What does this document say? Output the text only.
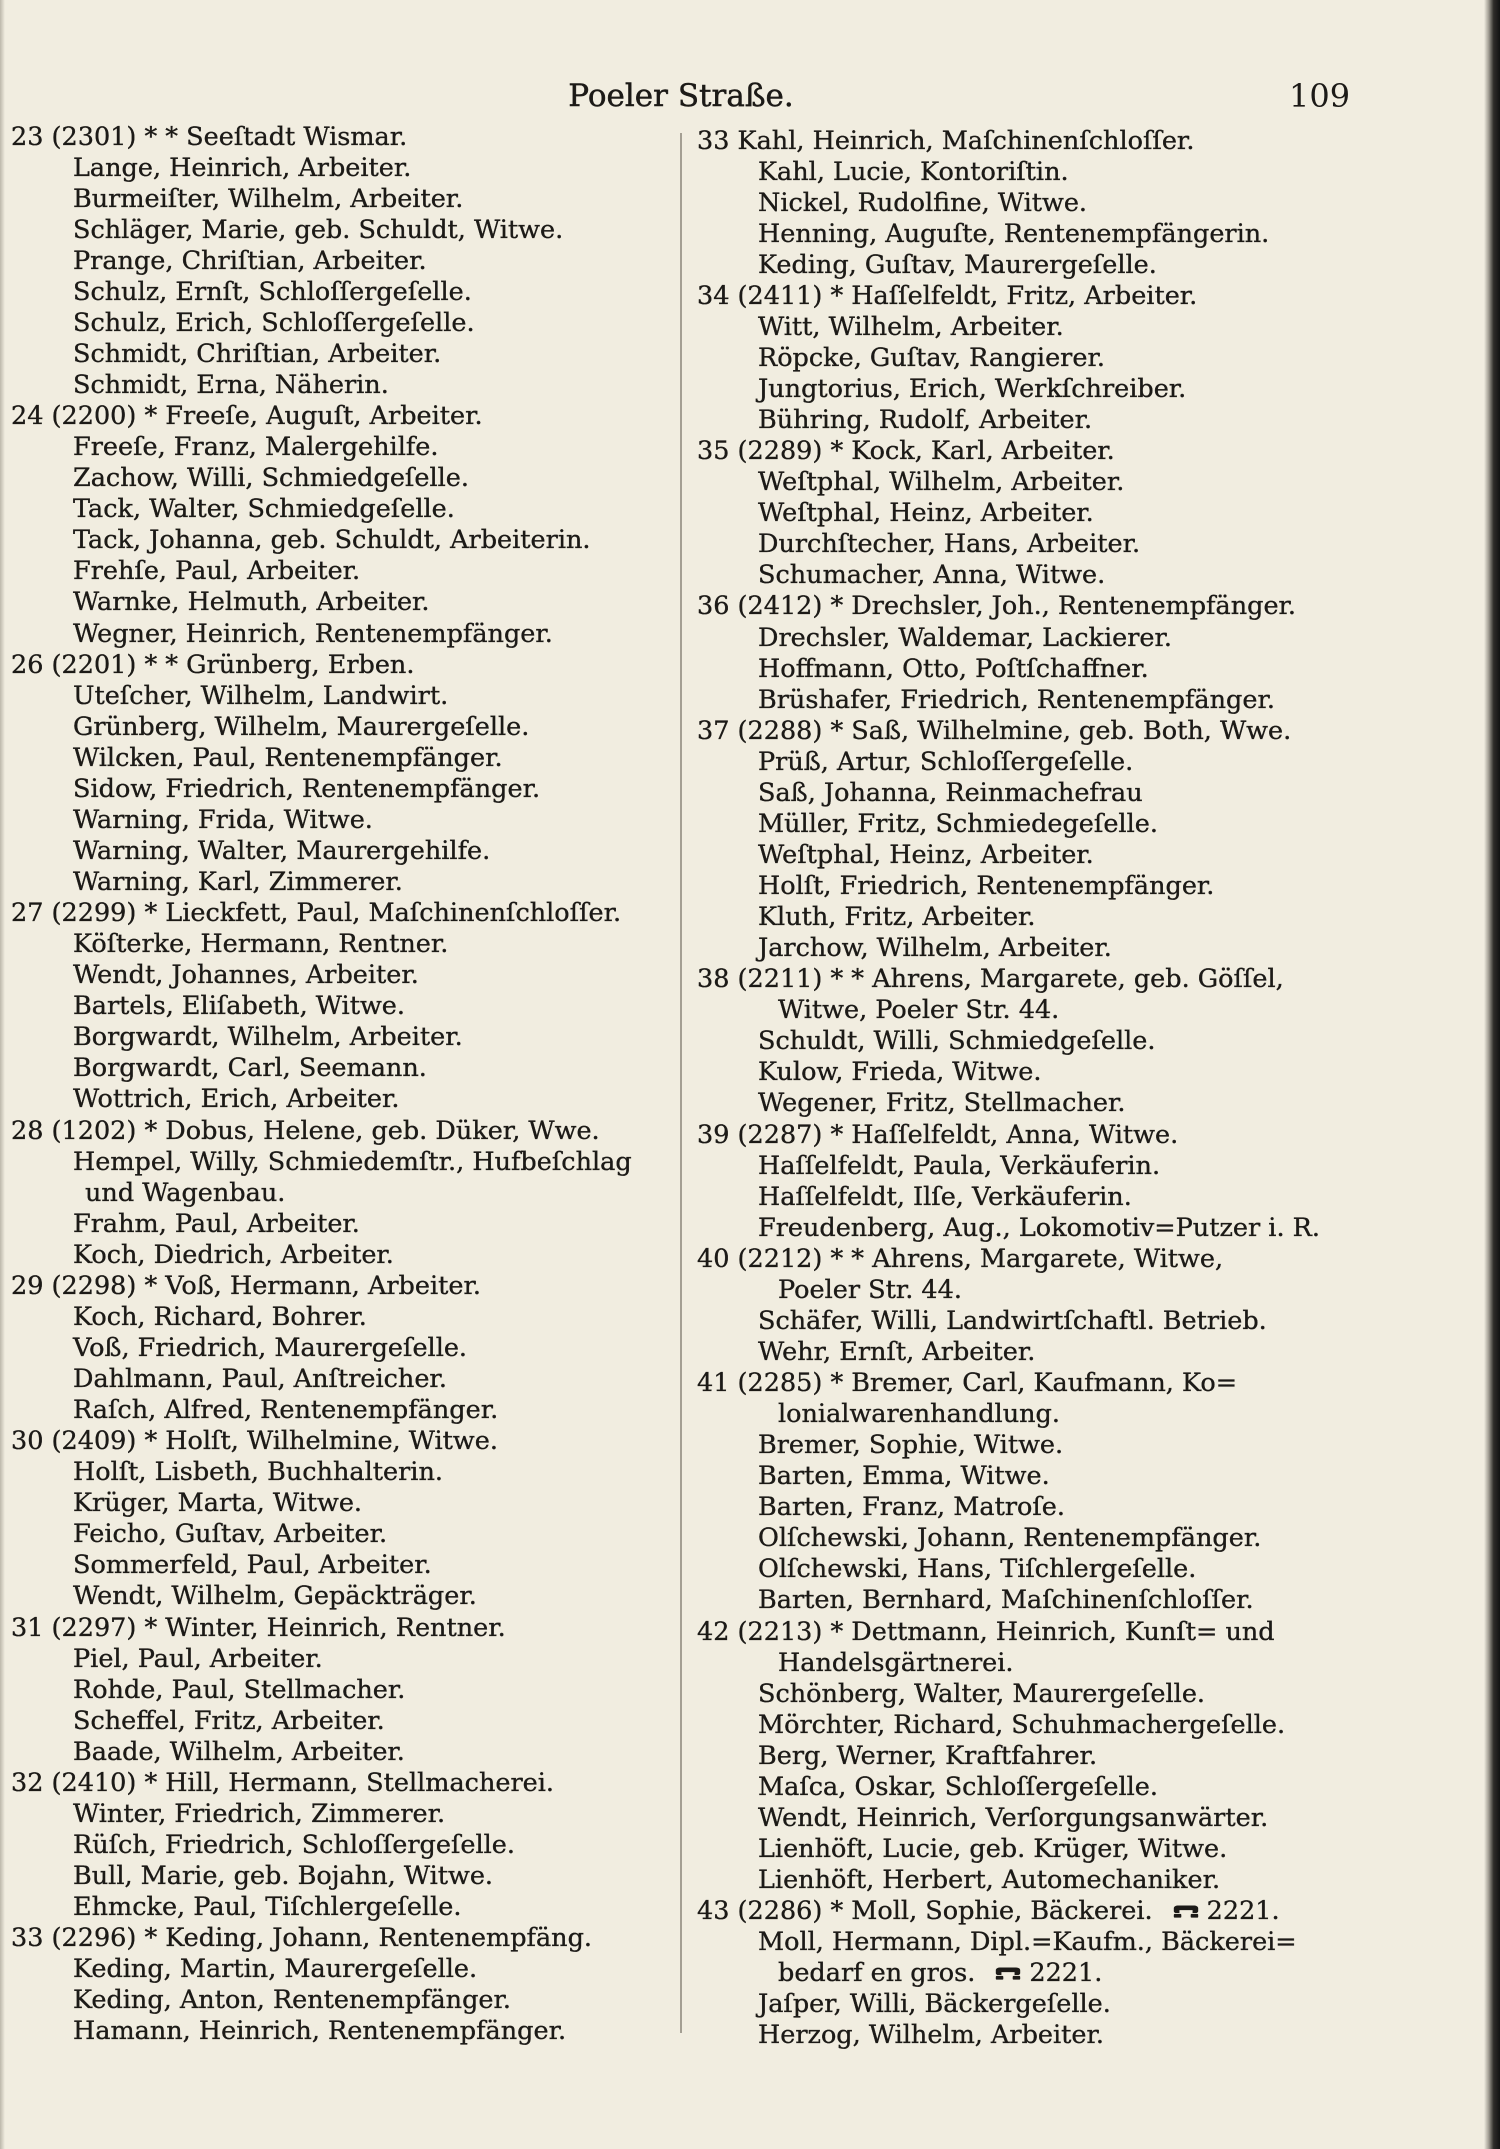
Poeler Straße.	109
23 (2301) * * Seeſtadt Wismar.
Lange, Heinrich, Arbeiter.
Burmeiſter, Wilhelm, Arbeiter.
Schläger, Marie, geb. Schuldt, Witwe.
Prange, Chriſtian, Arbeiter.
Schulz, Ernſt, Schloſſergeſelle.
Schulz, Erich, Schloſſergeſelle.
Schmidt, Chriſtian, Arbeiter.
Schmidt, Erna, Näherin.
24 (2200) * Freeſe, Auguſt, Arbeiter.
Freeſe, Franz, Malergehilfe.
Zachow, Willi, Schmiedgeſelle.
Tack, Walter, Schmiedgeſelle.
Tack, Johanna, geb. Schuldt, Arbeiterin.
Frehſe, Paul, Arbeiter.
Warnke, Helmuth, Arbeiter.
Wegner, Heinrich, Rentenempfänger.
26 (2201) * * Grünberg, Erben.
Uteſcher, Wilhelm, Landwirt.
Grünberg, Wilhelm, Maurergeſelle.
Wilcken, Paul, Rentenempfänger.
Sidow, Friedrich, Rentenempfänger.
Warning, Frida, Witwe.
Warning, Walter, Maurergehilfe.
Warning, Karl, Zimmerer.
27 (2299) * Lieckfett, Paul, Maſchinenſchloſſer.
Köſterke, Hermann, Rentner.
Wendt, Johannes, Arbeiter.
Bartels, Eliſabeth, Witwe.
Borgwardt, Wilhelm, Arbeiter.
Borgwardt, Carl, Seemann.
Wottrich, Erich, Arbeiter.
28 (1202) * Dobus, Helene, geb. Düker, Wwe.
Hempel, Willy, Schmiedemſtr., Hufbeſchlag
und Wagenbau.
Frahm, Paul, Arbeiter.
Koch, Diedrich, Arbeiter.
29 (2298) * Voß, Hermann, Arbeiter.
Koch, Richard, Bohrer.
Voß, Friedrich, Maurergeſelle.
Dahlmann, Paul, Anſtreicher.
Raſch, Alfred, Rentenempfänger.
30 (2409) * Holſt, Wilhelmine, Witwe.
Holſt, Lisbeth, Buchhalterin.
Krüger, Marta, Witwe.
Feicho, Guſtav, Arbeiter.
Sommerfeld, Paul, Arbeiter.
Wendt, Wilhelm, Gepäckträger.
31 (2297) * Winter, Heinrich, Rentner.
Piel, Paul, Arbeiter.
Rohde, Paul, Stellmacher.
Scheffel, Fritz, Arbeiter.
Baade, Wilhelm, Arbeiter.
32 (2410) * Hill, Hermann, Stellmacherei.
Winter, Friedrich, Zimmerer.
Rüſch, Friedrich, Schloſſergeſelle.
Bull, Marie, geb. Bojahn, Witwe.
Ehmcke, Paul, Tiſchlergeſelle.
33 (2296) * Keding, Johann, Rentenempfäng.
Keding, Martin, Maurergeſelle.
Keding, Anton, Rentenempfänger.
Hamann, Heinrich, Rentenempfänger.
33 Kahl, Heinrich, Maſchinenſchloſſer.
Kahl, Lucie, Kontoriſtin.
Nickel, Rudolfine, Witwe.
Henning, Auguſte, Rentenempfängerin.
Keding, Guſtav, Maurergeſelle.
34 (2411) * Haſſelfeldt, Fritz, Arbeiter.
Witt, Wilhelm, Arbeiter.
Röpcke, Guſtav, Rangierer.
Jungtorius, Erich, Werkſchreiber.
Bühring, Rudolf, Arbeiter.
35 (2289) * Kock, Karl, Arbeiter.
Weſtphal, Wilhelm, Arbeiter.
Weſtphal, Heinz, Arbeiter.
Durchſtecher, Hans, Arbeiter.
Schumacher, Anna, Witwe.
36 (2412) * Drechsler, Joh., Rentenempfänger.
Drechsler, Waldemar, Lackierer.
Hoffmann, Otto, Poſtſchaffner.
Brüshafer, Friedrich, Rentenempfänger.
37 (2288) * Saß, Wilhelmine, geb. Both, Wwe.
Prüß, Artur, Schloſſergeſelle.
Saß, Johanna, Reinmachefrau
Müller, Fritz, Schmiedegeſelle.
Weſtphal, Heinz, Arbeiter.
Holſt, Friedrich, Rentenempfänger.
Kluth, Fritz, Arbeiter.
Jarchow, Wilhelm, Arbeiter.
38 (2211) * * Ahrens, Margarete, geb. Göſſel,
Witwe, Poeler Str. 44.
Schuldt, Willi, Schmiedgeſelle.
Kulow, Frieda, Witwe.
Wegener, Fritz, Stellmacher.
39 (2287) * Haſſelfeldt, Anna, Witwe.
Haſſelfeldt, Paula, Verkäuferin.
Haſſelfeldt, Ilſe, Verkäuferin.
Freudenberg, Aug., Lokomotiv=Putzer i. R.
40 (2212) * * Ahrens, Margarete, Witwe,
Poeler Str. 44.
Schäfer, Willi, Landwirtſchaftl. Betrieb.
Wehr, Ernſt, Arbeiter.
41 (2285) * Bremer, Carl, Kaufmann, Ko=
lonialwarenhandlung.
Bremer, Sophie, Witwe.
Barten, Emma, Witwe.
Barten, Franz, Matroſe.
Olſchewski, Johann, Rentenempfänger.
Olſchewski, Hans, Tiſchlergeſelle.
Barten, Bernhard, Maſchinenſchloſſer.
42 (2213) * Dettmann, Heinrich, Kunſt= und
Handelsgärtnerei.
Schönberg, Walter, Maurergeſelle.
Mörchter, Richard, Schuhmachergeſelle.
Berg, Werner, Kraftfahrer.
Maſca, Oskar, Schloſſergeſelle.
Wendt, Heinrich, Verſorgungsanwärter.
Lienhöft, Lucie, geb. Krüger, Witwe.
Lienhöft, Herbert, Automechaniker.
43 (2286) * Moll, Sophie, Bäckerei. 2221.
Moll, Hermann, Dipl.=Kaufm., Bäckerei=
bedarf en gros. 2221.
Jaſper, Willi, Bäckergeſelle.
Herzog, Wilhelm, Arbeiter.
